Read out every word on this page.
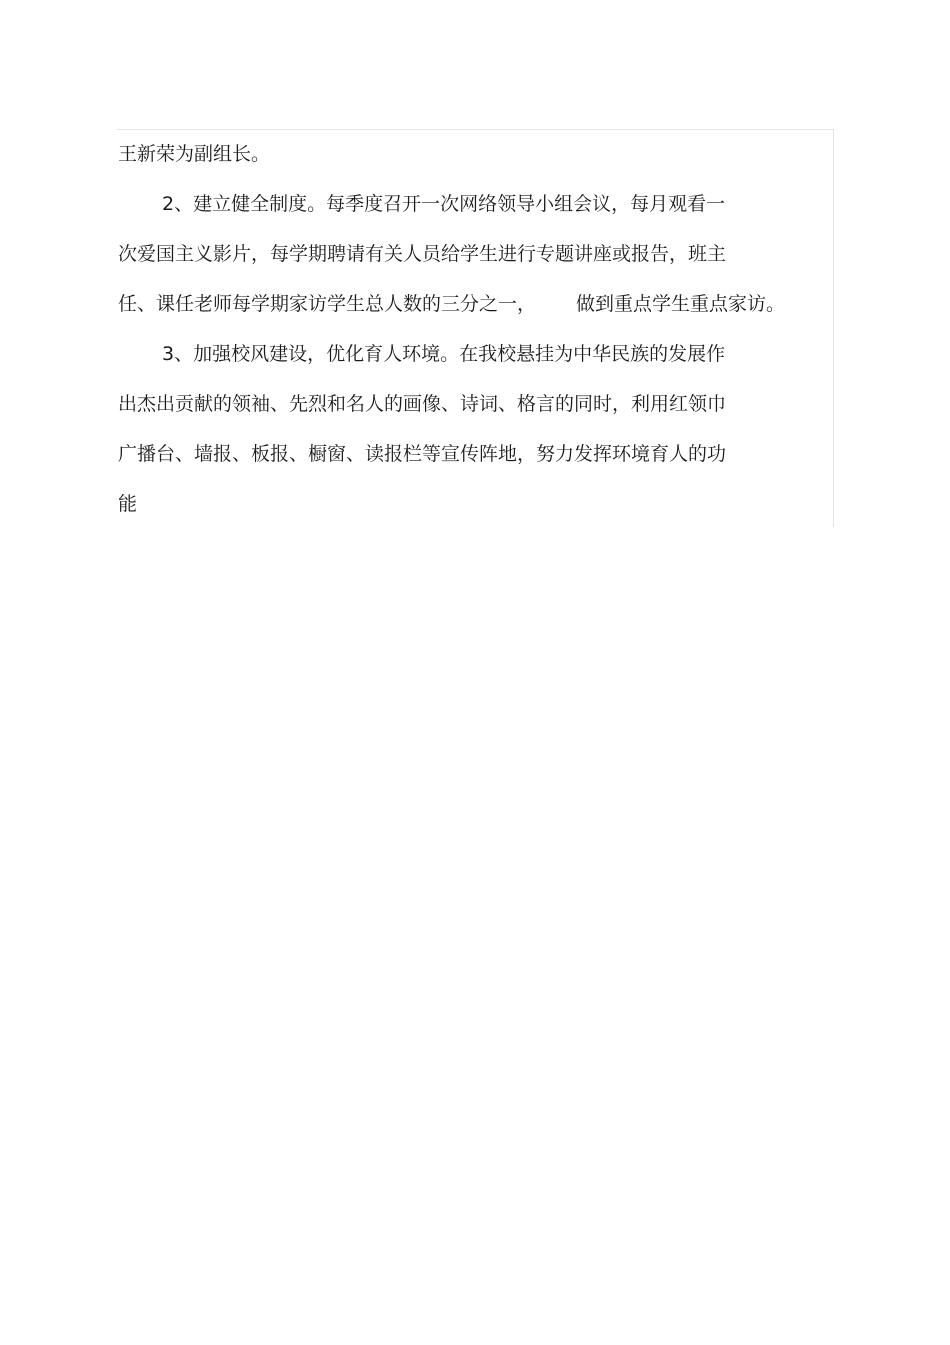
王新荣为副组长。
2、建立健全制度。每季度召开一次网络领导小组会议，每月观看一
次爱国主义影片，每学期聘请有关人员给学生进行专题讲座或报告，班主
任、课任老师每学期家访学生总人数的三分之一， 做到重点学生重点家访。
3、加强校风建设，优化育人环境。在我校悬挂为中华民族的发展作
出杰出贡献的领袖、先烈和名人的画像、诗词、格言的同时，利用红领巾
广播台、墙报、板报、橱窗、读报栏等宣传阵地，努力发挥环境育人的功
能
